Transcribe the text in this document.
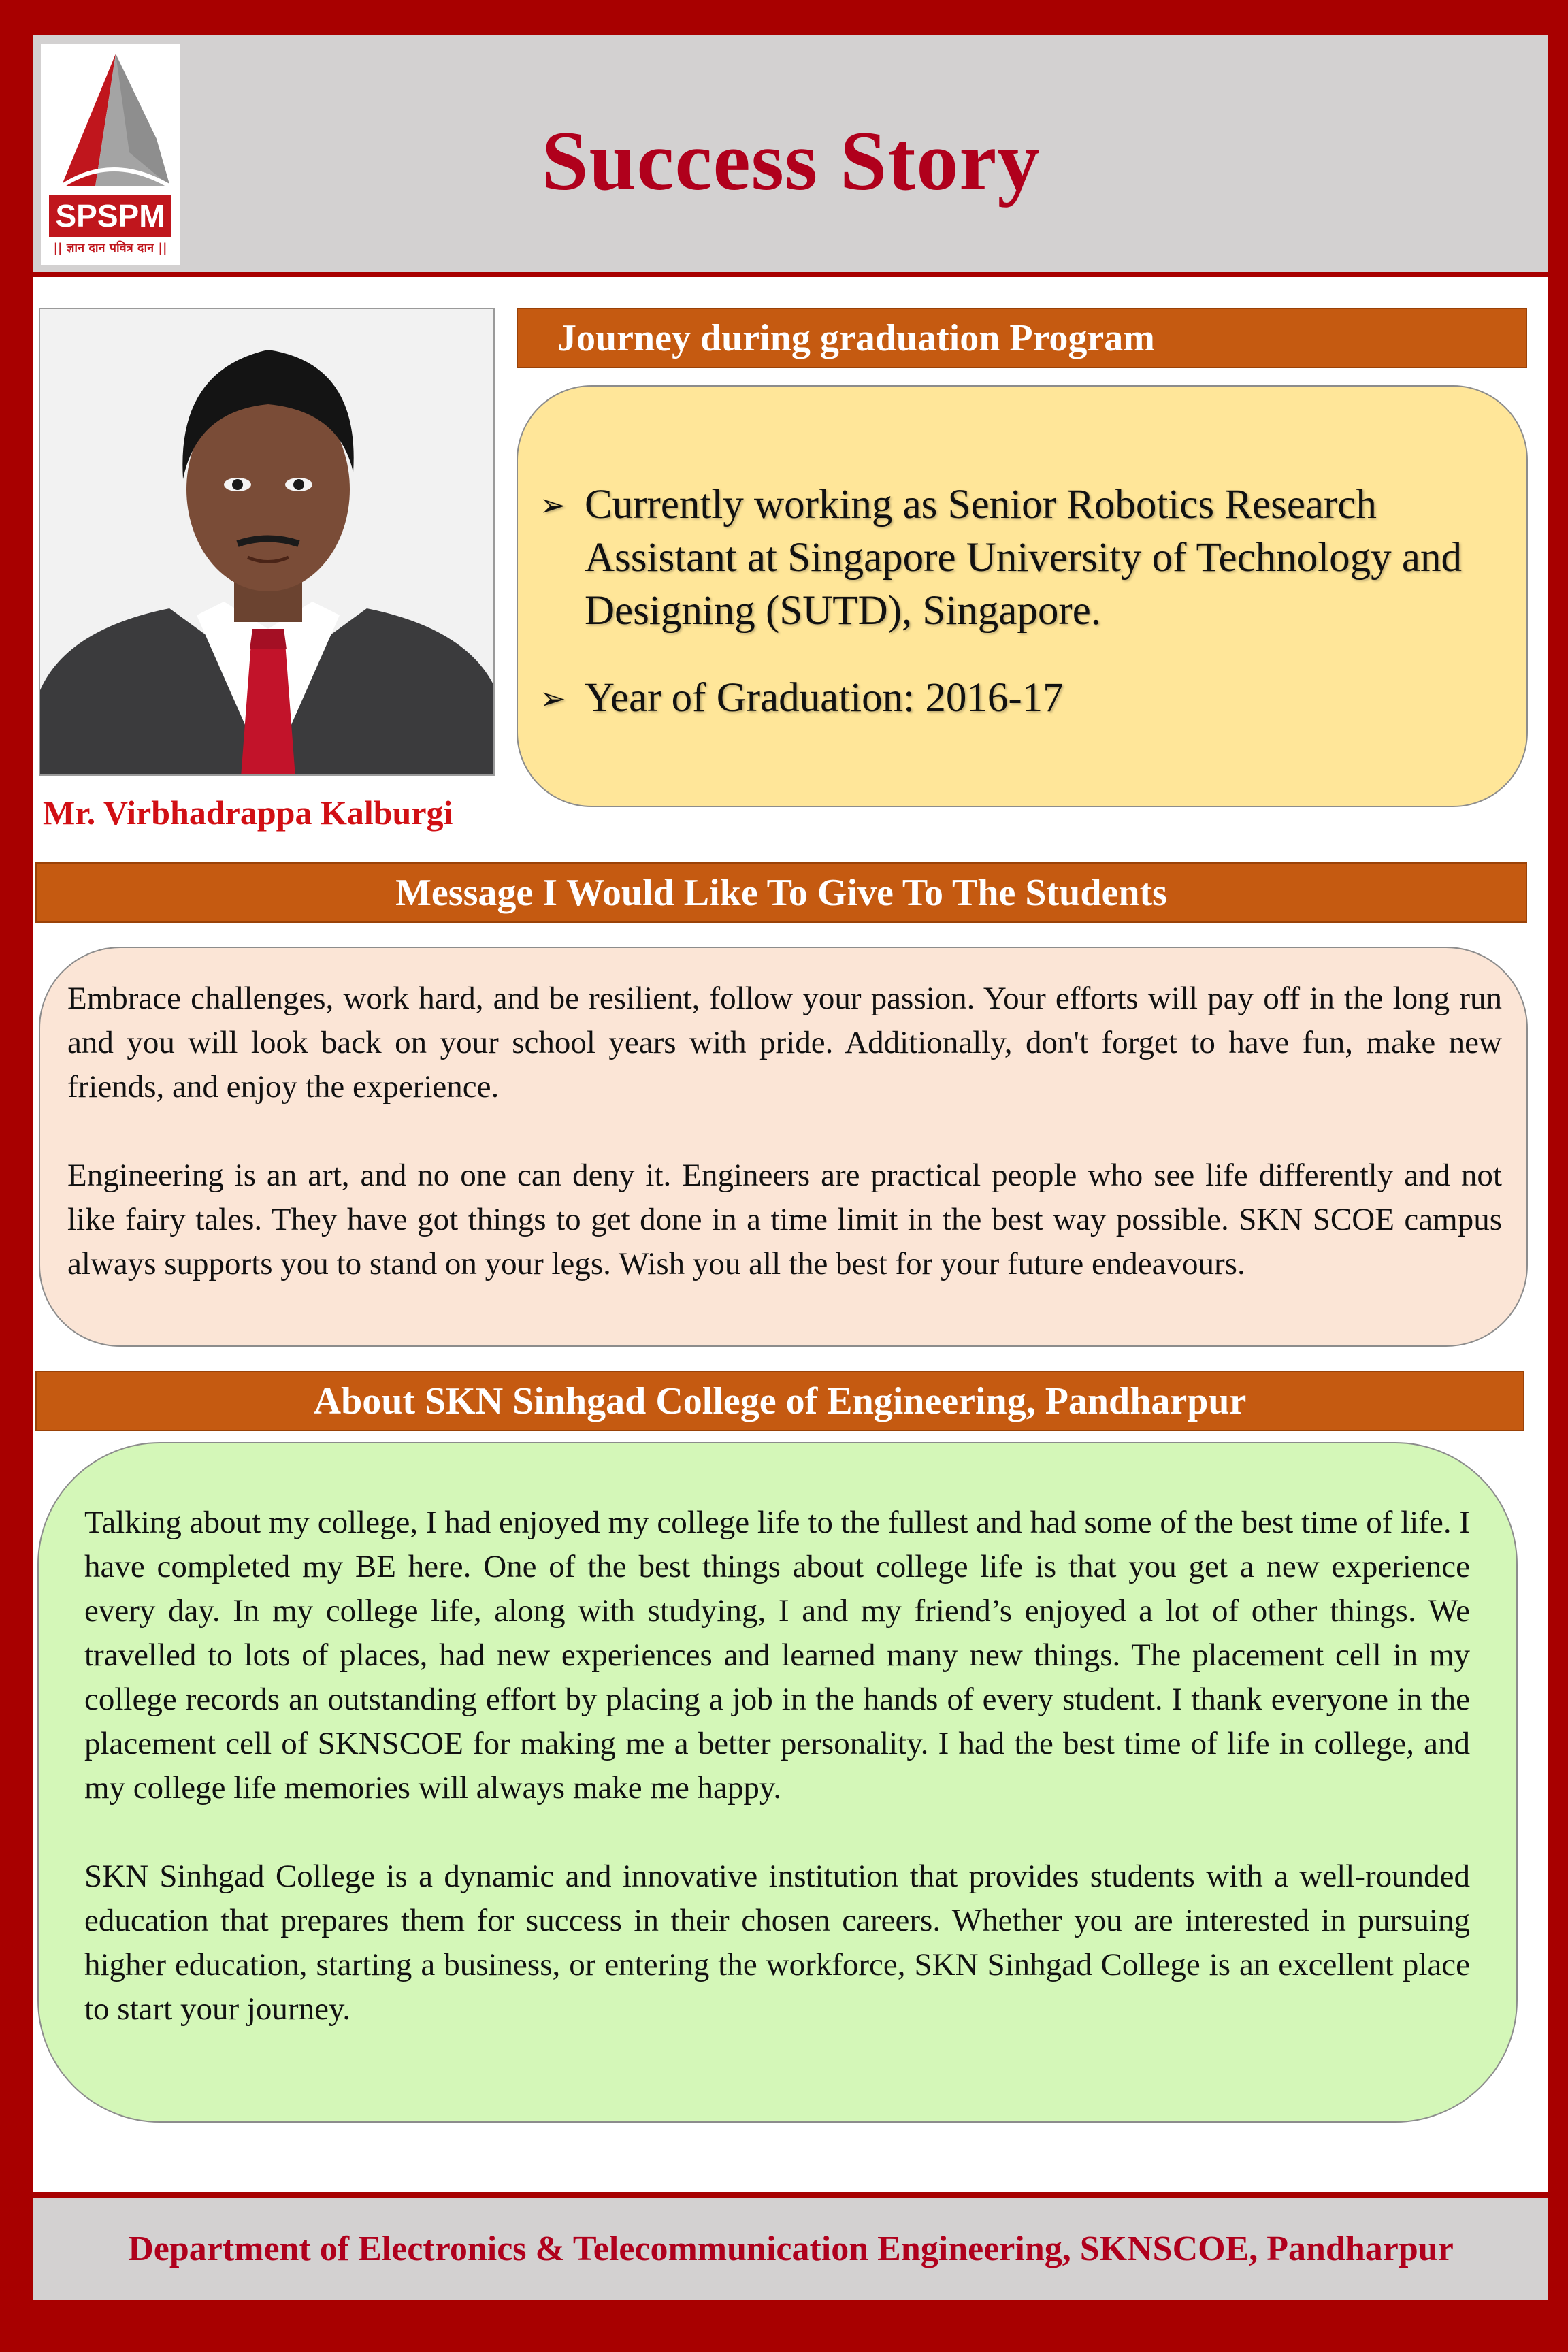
SPSPM
|| ज्ञान दान पवित्र दान ||
Success Story
Mr. Virbhadrappa Kalburgi
Journey during graduation Program
➢ Currently working as Senior Robotics Research Assistant at Singapore University of Technology and Designing (SUTD), Singapore.
➢ Year of Graduation: 2016-17
Message I Would Like To Give To The Students

Embrace challenges, work hard, and be resilient, follow your passion. Your efforts will pay off in the long run and you will look back on your school years with pride. Additionally, don't forget to have fun, make new friends, and enjoy the experience.

Engineering is an art, and no one can deny it. Engineers are practical people who see life differently and not like fairy tales. They have got things to get done in a time limit in the best way possible. SKN SCOE campus always supports you to stand on your legs. Wish you all the best for your future endeavours.

About SKN Sinhgad College of Engineering, Pandharpur

Talking about my college, I had enjoyed my college life to the fullest and had some of the best time of life. I have completed my BE here. One of the best things about college life is that you get a new experience every day. In my college life, along with studying, I and my friend’s enjoyed a lot of other things. We travelled to lots of places, had new experiences and learned many new things. The placement cell in my college records an outstanding effort by placing a job in the hands of every student. I thank everyone in the placement cell of SKNSCOE for making me a better personality. I had the best time of life in college, and my college life memories will always make me happy.

SKN Sinhgad College is a dynamic and innovative institution that provides students with a well-rounded education that prepares them for success in their chosen careers. Whether you are interested in pursuing higher education, starting a business, or entering the workforce, SKN Sinhgad College is an excellent place to start your journey.

Department of Electronics & Telecommunication Engineering, SKNSCOE, Pandharpur
